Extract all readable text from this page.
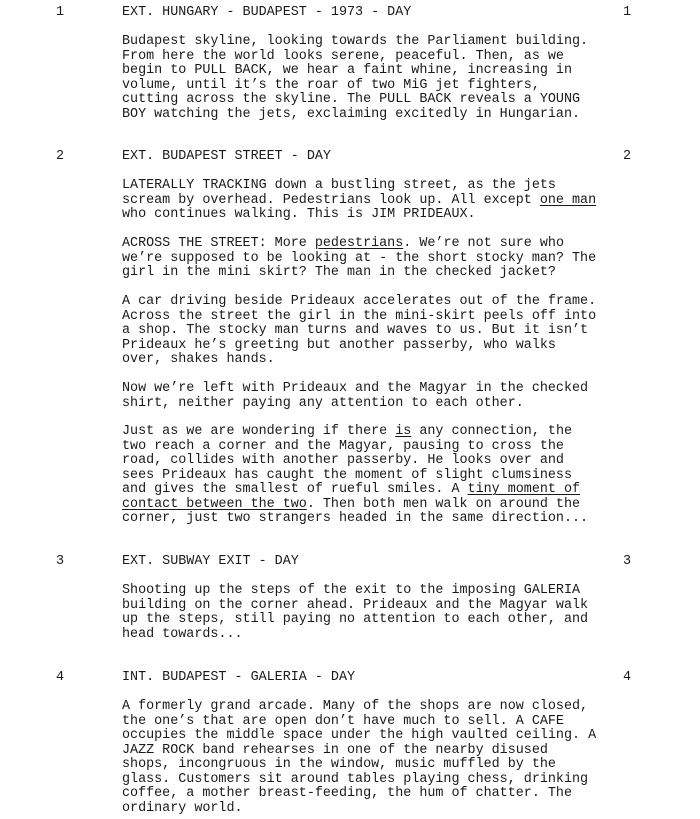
1	EXT. HUNGARY - BUDAPEST - 1973 - DAY	1
Budapest skyline, looking towards the Parliament building.
From here the world looks serene, peaceful. Then, as we
begin to PULL BACK, we hear a faint whine, increasing in
volume, until it’s the roar of two MiG jet fighters,
cutting across the skyline. The PULL BACK reveals a YOUNG
BOY watching the jets, exclaiming excitedly in Hungarian.
2	EXT. BUDAPEST STREET - DAY	2
LATERALLY TRACKING down a bustling street, as the jets
scream by overhead. Pedestrians look up. All except one man
who continues walking. This is JIM PRIDEAUX.
ACROSS THE STREET: More pedestrians. We’re not sure who
we’re supposed to be looking at - the short stocky man? The
girl in the mini skirt? The man in the checked jacket?
A car driving beside Prideaux accelerates out of the frame.
Across the street the girl in the mini-skirt peels off into
a shop. The stocky man turns and waves to us. But it isn’t
Prideaux he’s greeting but another passerby, who walks
over, shakes hands.
Now we’re left with Prideaux and the Magyar in the checked
shirt, neither paying any attention to each other.
Just as we are wondering if there is any connection, the
two reach a corner and the Magyar, pausing to cross the
road, collides with another passerby. He looks over and
sees Prideaux has caught the moment of slight clumsiness
and gives the smallest of rueful smiles. A tiny moment of
contact between the two. Then both men walk on around the
corner, just two strangers headed in the same direction...
3	EXT. SUBWAY EXIT - DAY	3
Shooting up the steps of the exit to the imposing GALERIA
building on the corner ahead. Prideaux and the Magyar walk
up the steps, still paying no attention to each other, and
head towards...
4	INT. BUDAPEST - GALERIA - DAY	4
A formerly grand arcade. Many of the shops are now closed,
the one’s that are open don’t have much to sell. A CAFE
occupies the middle space under the high vaulted ceiling. A
JAZZ ROCK band rehearses in one of the nearby disused
shops, incongruous in the window, music muffled by the
glass. Customers sit around tables playing chess, drinking
coffee, a mother breast-feeding, the hum of chatter. The
ordinary world.
